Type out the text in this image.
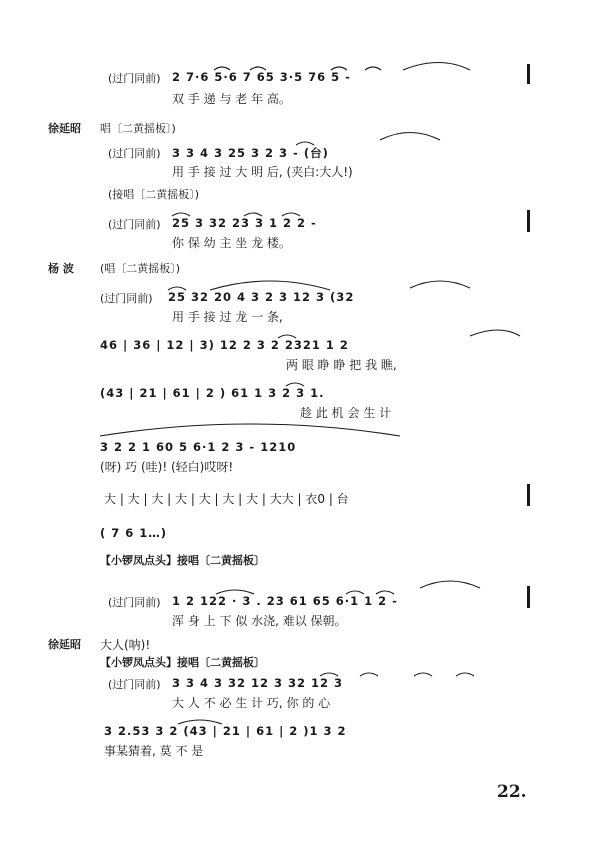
(过门同前) 2 7·6 5·6 7 65 3·5 76 5 -
双 手 递 与 老 年 高。
徐延昭 唱〔二黄摇板〕)
(过门同前) 3 3 4 3 25 3 2 3 - (台)
用 手 接 过 大 明 后, (夹白:大人!)
(接唱〔二黄摇板〕)
(过门同前) 25 3 32 23 3 1 2 2 -
你 保 幼 主 坐 龙 楼。
杨 波 (唱〔二黄摇板〕)
(过门同前) 25 32 20 4 3 2 3 12 3 (32
用 手 接 过 龙 一 条,
46 | 36 | 12 | 3) 12 2 3 2 2321 1 2
两 眼 睁 睁 把 我 瞧,
(43 | 21 | 61 | 2 ) 61 1 3 2 3 1.
趁 此 机 会 生 计
3 2 2 1 60 5 6·1 2 3 - 1210
(呀) 巧 (哇)! (轻白)哎呀!
大 | 大 | 大 | 大 | 大 | 大 | 大 | 大大 | 衣0 | 台
( 7 6 1…)
【小锣凤点头】接唱〔二黄摇板〕
(过门同前) 1 2 122 · 3 . 23 61 65 6·1 1 2 -
浑 身 上 下 似 水浇, 难以 保朝。
徐延昭 大人(呐)!
【小锣凤点头】接唱〔二黄摇板〕
(过门同前) 3 3 4 3 32 12 3 32 12 3
大 人 不 必 生 计 巧, 你 的 心
3 2.53 3 2 (43 | 21 | 61 | 2 )1 3 2
事某猜着, 莫 不 是
22.
